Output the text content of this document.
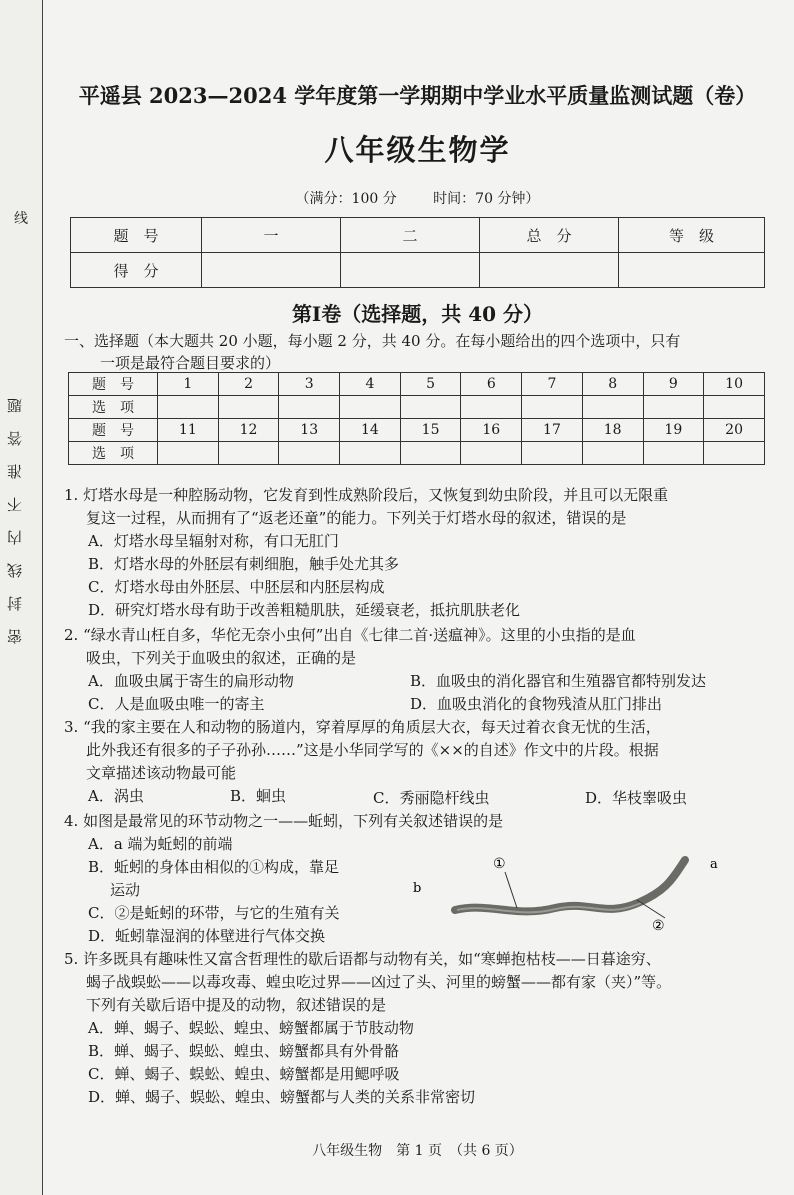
线
密封线内不准答题
平遥县 2023—2024 学年度第一学期期中学业水平质量监测试题（卷）
八年级生物学
（满分：100 分	时间：70 分钟）
题　号	一	二	总　分	等　级
得　分				
第Ⅰ卷（选择题，共 40 分）
一、选择题（本大题共 20 小题，每小题 2 分，共 40 分。在每小题给出的四个选项中，只有
一项是最符合题目要求的）
题　号	1	2	3	4	5	6	7	8	9	10
选　项										
题　号	11	12	13	14	15	16	17	18	19	20
选　项										
1. 灯塔水母是一种腔肠动物，它发育到性成熟阶段后，又恢复到幼虫阶段，并且可以无限重
复这一过程，从而拥有了“返老还童”的能力。下列关于灯塔水母的叙述，错误的是
A．灯塔水母呈辐射对称，有口无肛门
B．灯塔水母的外胚层有刺细胞，触手处尤其多
C．灯塔水母由外胚层、中胚层和内胚层构成
D．研究灯塔水母有助于改善粗糙肌肤，延缓衰老，抵抗肌肤老化
2. “绿水青山枉自多，华佗无奈小虫何”出自《七律二首·送瘟神》。这里的小虫指的是血
吸虫，下列关于血吸虫的叙述，正确的是
A．血吸虫属于寄生的扁形动物	B．血吸虫的消化器官和生殖器官都特别发达
C．人是血吸虫唯一的寄主	D．血吸虫消化的食物残渣从肛门排出
3. “我的家主要在人和动物的肠道内，穿着厚厚的角质层大衣，每天过着衣食无忧的生活，
此外我还有很多的子子孙孙……”这是小华同学写的《××的自述》作文中的片段。根据
文章描述该动物最可能
A．涡虫	B．蛔虫	C．秀丽隐杆线虫	D．华枝睾吸虫
4. 如图是最常见的环节动物之一——蚯蚓，下列有关叙述错误的是
A．a 端为蚯蚓的前端
B．蚯蚓的身体由相似的①构成，靠足
运动
C．②是蚯蚓的环带，与它的生殖有关
D．蚯蚓靠湿润的体壁进行气体交换
①
②
a
b
5. 许多既具有趣味性又富含哲理性的歇后语都与动物有关，如“寒蝉抱枯枝——日暮途穷、
蝎子战蜈蚣——以毒攻毒、蝗虫吃过界——凶过了头、河里的螃蟹——都有家（夹）”等。
下列有关歇后语中提及的动物，叙述错误的是
A．蝉、蝎子、蜈蚣、蝗虫、螃蟹都属于节肢动物
B．蝉、蝎子、蜈蚣、蝗虫、螃蟹都具有外骨骼
C．蝉、蝎子、蜈蚣、蝗虫、螃蟹都是用鳃呼吸
D．蝉、蝎子、蜈蚣、蝗虫、螃蟹都与人类的关系非常密切
八年级生物　第 1 页　（共 6 页）
